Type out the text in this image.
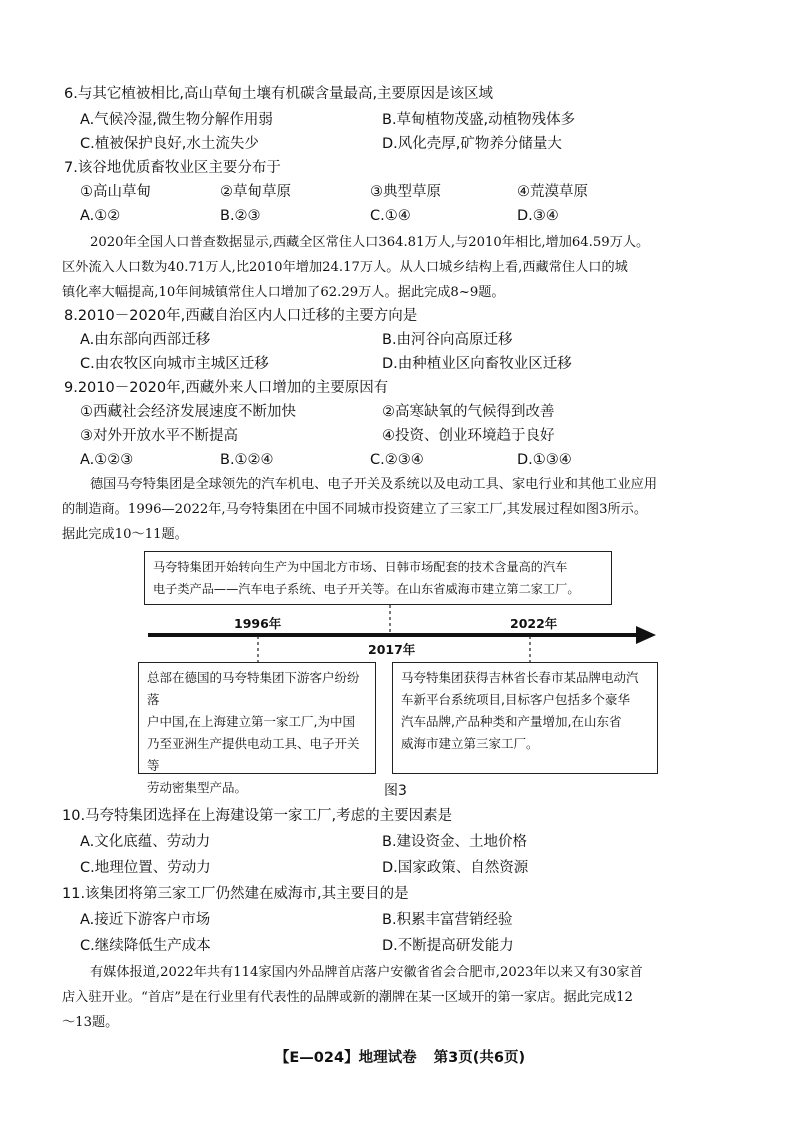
6.与其它植被相比,高山草甸土壤有机碳含量最高,主要原因是该区域
A.气候冷湿,微生物分解作用弱	B.草甸植物茂盛,动植物残体多
C.植被保护良好,水土流失少	D.风化壳厚,矿物养分储量大
7.该谷地优质畜牧业区主要分布于
①高山草甸	②草甸草原	③典型草原	④荒漠草原
A.①②	B.②③	C.①④	D.③④
2020年全国人口普查数据显示,西藏全区常住人口364.81万人,与2010年相比,增加64.59万人。
区外流入人口数为40.71万人,比2010年增加24.17万人。从人口城乡结构上看,西藏常住人口的城
镇化率大幅提高,10年间城镇常住人口增加了62.29万人。据此完成8~9题。
8.2010－2020年,西藏自治区内人口迁移的主要方向是
A.由东部向西部迁移	B.由河谷向高原迁移
C.由农牧区向城市主城区迁移	D.由种植业区向畜牧业区迁移
9.2010－2020年,西藏外来人口增加的主要原因有
①西藏社会经济发展速度不断加快	②高寒缺氧的气候得到改善
③对外开放水平不断提高	④投资、创业环境趋于良好
A.①②③	B.①②④	C.②③④	D.①③④
德国马夸特集团是全球领先的汽车机电、电子开关及系统以及电动工具、家电行业和其他工业应用
的制造商。1996—2022年,马夸特集团在中国不同城市投资建立了三家工厂,其发展过程如图3所示。
据此完成10～11题。
马夸特集团开始转向生产为中国北方市场、日韩市场配套的技术含量高的汽车
电子类产品——汽车电子系统、电子开关等。在山东省威海市建立第二家工厂。
1996年
2017年
2022年
总部在德国的马夸特集团下游客户纷纷落
户中国,在上海建立第一家工厂,为中国
乃至亚洲生产提供电动工具、电子开关等
劳动密集型产品。
马夸特集团获得吉林省长春市某品牌电动汽
车新平台系统项目,目标客户包括多个豪华
汽车品牌,产品种类和产量增加,在山东省
威海市建立第三家工厂。
图3
10.马夸特集团选择在上海建设第一家工厂,考虑的主要因素是
A.文化底蕴、劳动力	B.建设资金、土地价格
C.地理位置、劳动力	D.国家政策、自然资源
11.该集团将第三家工厂仍然建在威海市,其主要目的是
A.接近下游客户市场	B.积累丰富营销经验
C.继续降低生产成本	D.不断提高研发能力
有媒体报道,2022年共有114家国内外品牌首店落户安徽省省会合肥市,2023年以来又有30家首
店入驻开业。“首店”是在行业里有代表性的品牌或新的潮牌在某一区域开的第一家店。据此完成12
～13题。
【E—024】地理试卷 第3页(共6页)
